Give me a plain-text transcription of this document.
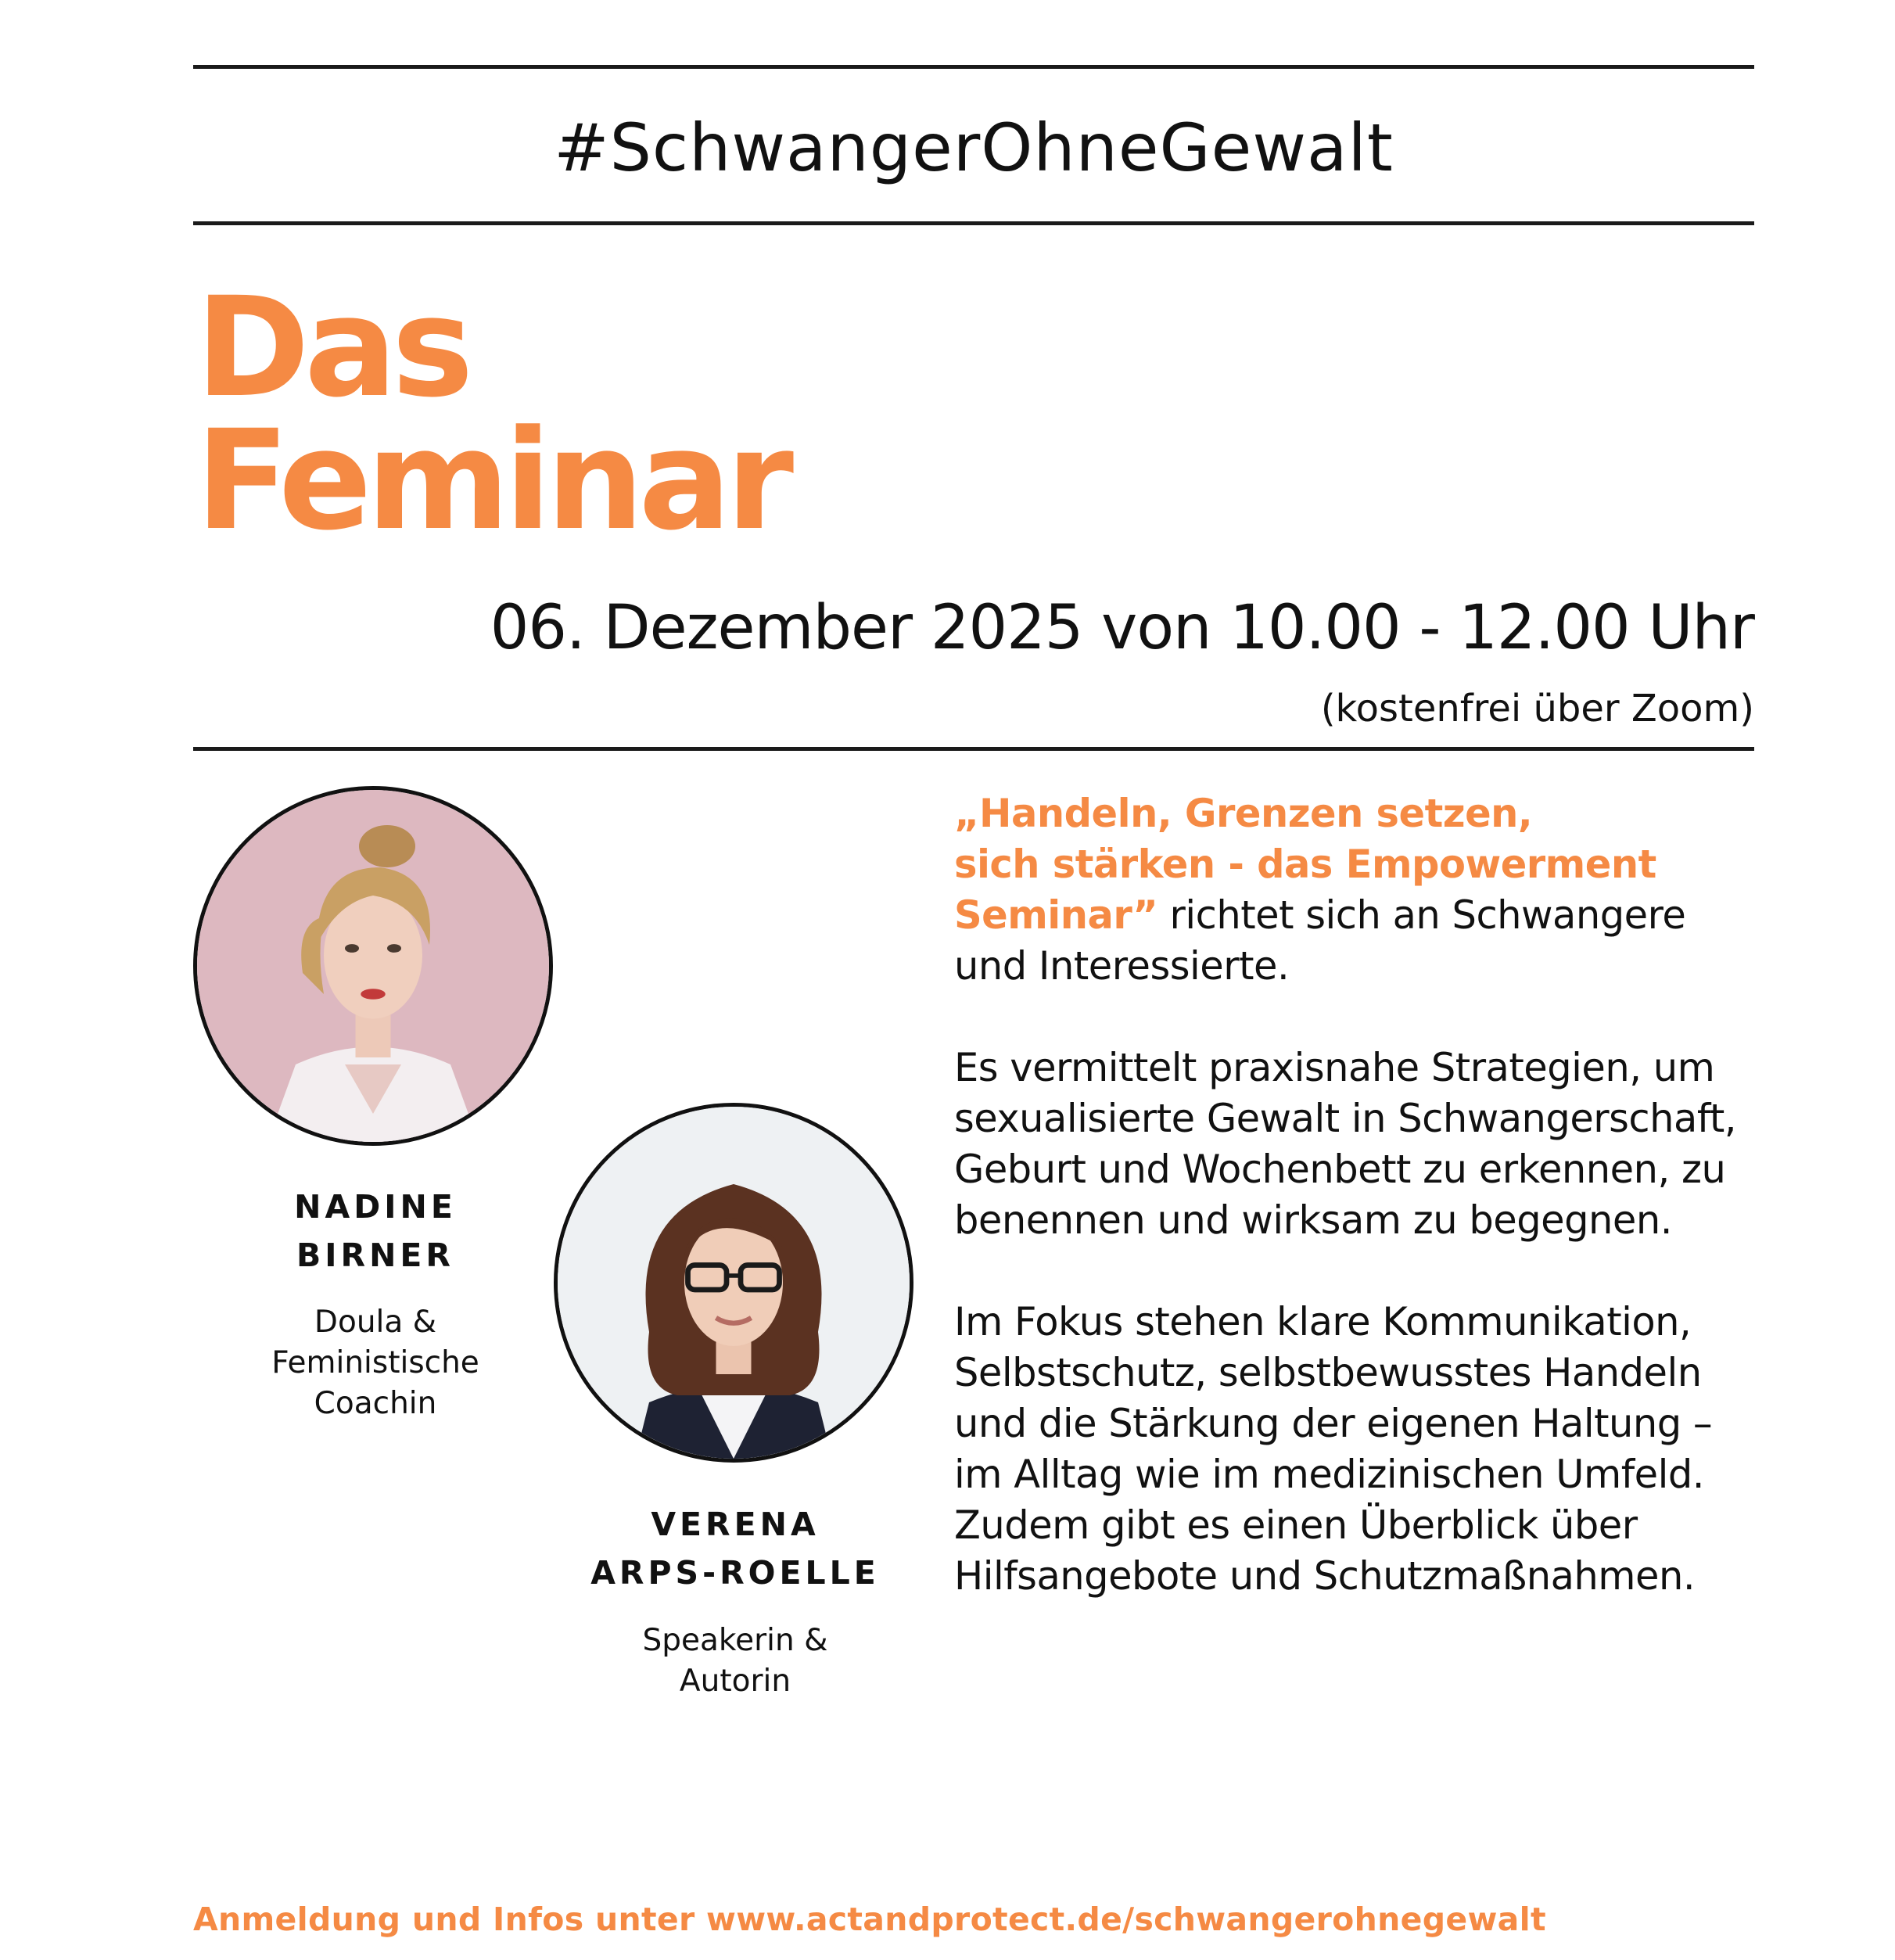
#SchwangerOhneGewalt
Das
Feminar
06. Dezember 2025 von 10.00 - 12.00 Uhr
(kostenfrei über Zoom)
NADINE
BIRNER
Doula &
Feministische
Coachin
VERENA
ARPS-ROELLE
Speakerin &
Autorin

„Handeln, Grenzen setzen,
sich stärken - das Empowerment
Seminar” richtet sich an Schwangere und Interessierte.

Es vermittelt praxisnahe Strategien, um sexualisierte Gewalt in Schwangerschaft, Geburt und Wochenbett zu erkennen, zu benennen und wirksam zu begegnen.

Im Fokus stehen klare Kommunikation, Selbstschutz, selbstbewusstes Handeln und die Stärkung der eigenen Haltung – im Alltag wie im medizinischen Umfeld. Zudem gibt es einen Überblick über Hilfsangebote und Schutzmaßnahmen.

Anmeldung und Infos unter www.actandprotect.de/schwangerohnegewalt
